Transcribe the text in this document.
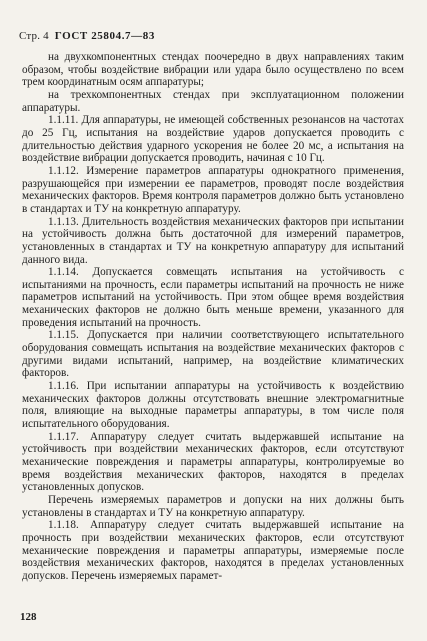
Стр. 4 ГОСТ 25804.7—83

на двухкомпонентных стендах поочередно в двух направлениях таким образом, чтобы воздействие вибрации или удара было осуществлено по всем трем координатным осям аппаратуры;

на трехкомпонентных стендах при эксплуатационном положении аппаратуры.

1.1.11. Для аппаратуры, не имеющей собственных резонансов на частотах до 25 Гц, испытания на воздействие ударов допускается проводить с длительностью действия ударного ускорения не более 20 мс, а испытания на воздействие вибрации допускается проводить, начиная с 10 Гц.

1.1.12. Измерение параметров аппаратуры однократного применения, разрушающейся при измерении ее параметров, проводят после воздействия механических факторов. Время контроля параметров должно быть установлено в стандартах и ТУ на конкретную аппаратуру.

1.1.13. Длительность воздействия механических факторов при испытании на устойчивость должна быть достаточной для измерений параметров, установленных в стандартах и ТУ на конкретную аппаратуру для испытаний данного вида.

1.1.14. Допускается совмещать испытания на устойчивость с испытаниями на прочность, если параметры испытаний на прочность не ниже параметров испытаний на устойчивость. При этом общее время воздействия механических факторов не должно быть меньше времени, указанного для проведения испытаний на прочность.

1.1.15. Допускается при наличии соответствующего испытательного оборудования совмещать испытания на воздействие механических факторов с другими видами испытаний, например, на воздействие климатических факторов.

1.1.16. При испытании аппаратуры на устойчивость к воздействию механических факторов должны отсутствовать внешние электромагнитные поля, влияющие на выходные параметры аппаратуры, в том числе поля испытательного оборудования.

1.1.17. Аппаратуру следует считать выдержавшей испытание на устойчивость при воздействии механических факторов, если отсутствуют механические повреждения и параметры аппаратуры, контролируемые во время воздействия механических факторов, находятся в пределах установленных допусков.

Перечень измеряемых параметров и допуски на них должны быть установлены в стандартах и ТУ на конкретную аппаратуру.

1.1.18. Аппаратуру следует считать выдержавшей испытание на прочность при воздействии механических факторов, если отсутствуют механические повреждения и параметры аппаратуры, измеряемые после воздействия механических факторов, находятся в пределах установленных допусков. Перечень измеряемых парамет-

128
